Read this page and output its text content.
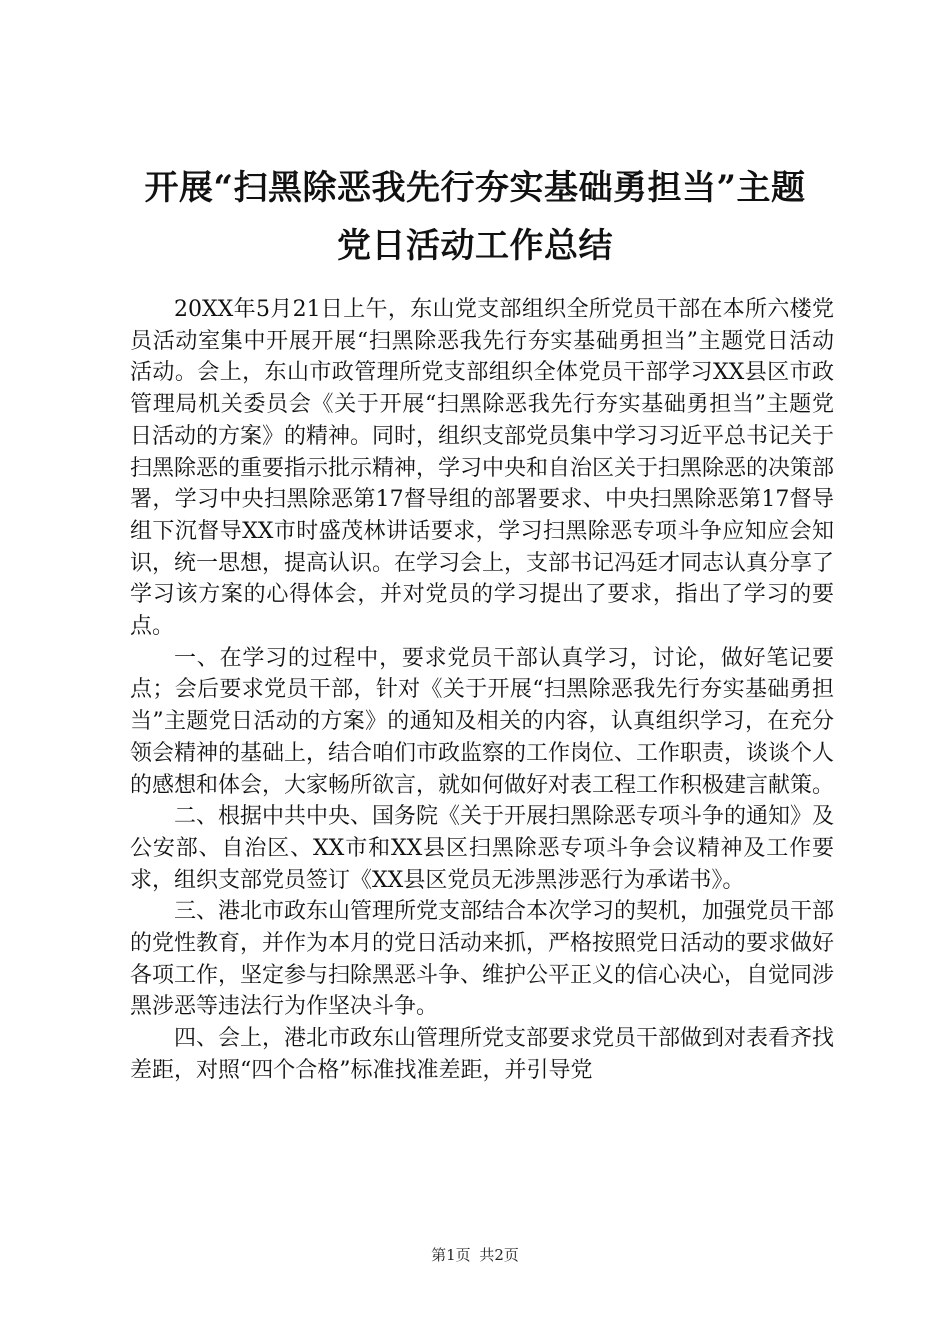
开展“扫黑除恶我先行夯实基础勇担当”主题
党日活动工作总结

20XX年5月21日上午，东山党支部组织全所党员干部在本所六楼党员活动室集中开展开展“扫黑除恶我先行夯实基础勇担当”主题党日活动活动。会上，东山市政管理所党支部组织全体党员干部学习XX县区市政管理局机关委员会《关于开展“扫黑除恶我先行夯实基础勇担当”主题党日活动的方案》的精神。同时，组织支部党员集中学习习近平总书记关于扫黑除恶的重要指示批示精神，学习中央和自治区关于扫黑除恶的决策部署，学习中央扫黑除恶第17督导组的部署要求、中央扫黑除恶第17督导组下沉督导XX市时盛茂林讲话要求，学习扫黑除恶专项斗争应知应会知识，统一思想，提高认识。在学习会上，支部书记冯廷才同志认真分享了学习该方案的心得体会，并对党员的学习提出了要求，指出了学习的要点。

一、在学习的过程中，要求党员干部认真学习，讨论，做好笔记要点；会后要求党员干部，针对《关于开展“扫黑除恶我先行夯实基础勇担当”主题党日活动的方案》的通知及相关的内容，认真组织学习，在充分领会精神的基础上，结合咱们市政监察的工作岗位、工作职责，谈谈个人的感想和体会，大家畅所欲言，就如何做好对表工程工作积极建言献策。

二、根据中共中央、国务院《关于开展扫黑除恶专项斗争的通知》及公安部、自治区、XX市和XX县区扫黑除恶专项斗争会议精神及工作要求，组织支部党员签订《XX县区党员无涉黑涉恶行为承诺书》。

三、港北市政东山管理所党支部结合本次学习的契机，加强党员干部的党性教育，并作为本月的党日活动来抓，严格按照党日活动的要求做好各项工作，坚定参与扫除黑恶斗争、维护公平正义的信心决心，自觉同涉黑涉恶等违法行为作坚决斗争。

四、会上，港北市政东山管理所党支部要求党员干部做到对表看齐找差距，对照“四个合格”标准找准差距，并引导党

第1页 共2页
